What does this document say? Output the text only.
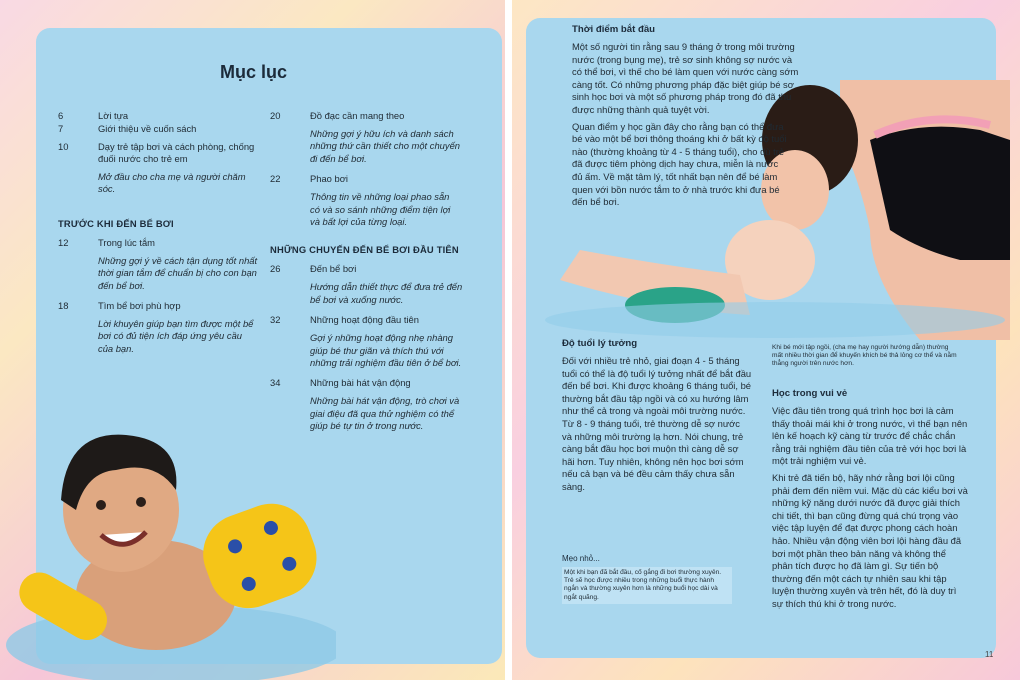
Mục lục
6	Lời tựa
7	Giới thiệu về cuốn sách
10	Dạy trẻ tập bơi và cách phòng, chống đuối nước cho trẻ em
Mở đầu cho cha mẹ và người chăm sóc.
TRƯỚC KHI ĐẾN BỂ BƠI
12	Trong lúc tắm
Những gợi ý về cách tận dụng tốt nhất thời gian tắm để chuẩn bị cho con bạn đến bể bơi.
18	Tìm bể bơi phù hợp
Lời khuyên giúp bạn tìm được một bể bơi có đủ tiện ích đáp ứng yêu cầu của bạn.
20	Đồ đạc cần mang theo
Những gợi ý hữu ích và danh sách những thứ cần thiết cho một chuyến đi đến bể bơi.
22	Phao bơi
Thông tin về những loại phao sẵn có và so sánh những điểm tiện lợi và bất lợi của từng loại.
NHỮNG CHUYẾN ĐẾN BỂ BƠI ĐẦU TIÊN
26	Đến bể bơi
Hướng dẫn thiết thực để đưa trẻ đến bể bơi và xuống nước.
32	Những hoạt động đầu tiên
Gợi ý những hoạt động nhẹ nhàng giúp bé thư giãn và thích thú với những trải nghiệm đầu tiên ở bể bơi.
34	Những bài hát vận động
Những bài hát vận động, trò chơi và giai điệu đã qua thử nghiệm có thể giúp bé tự tin ở trong nước.
Thời điểm bắt đầu
Một số người tin rằng sau 9 tháng ở trong môi trường nước (trong bụng mẹ), trẻ sơ sinh không sợ nước và có thể bơi, vì thế cho bé làm quen với nước càng sớm càng tốt. Có những phương pháp đặc biệt giúp bé sơ sinh học bơi và một số phương pháp trong đó đã thu được những thành quả tuyệt vời.
Quan điểm y học gần đây cho rằng bạn có thể đưa bé vào một bể bơi thông thoáng khi ở bất kỳ độ tuổi nào (thường khoảng từ 4 - 5 tháng tuổi), cho dù trẻ đã được tiêm phòng dịch hay chưa, miễn là nước đủ ấm. Về mặt tâm lý, tốt nhất bạn nên để bé làm quen với bồn nước tắm to ở nhà trước khi đưa bé đến bể bơi.
Độ tuổi lý tưởng
Đối với nhiều trẻ nhỏ, giai đoạn 4 - 5 tháng tuổi có thể là độ tuổi lý tưởng nhất để bắt đầu đến bể bơi. Khi được khoảng 6 tháng tuổi, bé thường bắt đầu tập ngồi và có xu hướng lâm như thể cả trong và ngoài môi trường nước. Từ 8 - 9 tháng tuổi, trẻ thường dễ sợ nước và những môi trường lạ hơn. Nói chung, trẻ càng bắt đầu học bơi muộn thì càng dễ sợ hãi hơn. Tuy nhiên, không nên học bơi sớm nếu cả bạn và bé đều cảm thấy chưa sẵn sàng.
Mẹo nhỏ...
Một khi bạn đã bắt đầu, cố gắng đi bơi thường xuyên. Trẻ sẽ học được nhiều trong những buổi thực hành ngắn và thường xuyên hơn là những buổi học dài và ngắt quãng.
Khi bé mới tập ngồi, (cha mẹ hay người hướng dẫn) thường mất nhiều thời gian để khuyến khích bé thả lỏng cơ thể và nằm thẳng người trên nước hơn.
Học trong vui vẻ
Việc đầu tiên trong quá trình học bơi là cảm thấy thoải mái khi ở trong nước, vì thế bạn nên lên kế hoạch kỹ càng từ trước để chắc chắn rằng trải nghiệm đầu tiên của trẻ với học bơi là một trải nghiệm vui vẻ.
Khi trẻ đã tiến bộ, hãy nhớ rằng bơi lội cũng phải đem đến niềm vui. Mặc dù các kiểu bơi và những kỹ năng dưới nước đã được giải thích chi tiết, thì bạn cũng đừng quá chú trọng vào việc tập luyện để đạt được phong cách hoàn hảo. Nhiều vận động viên bơi lội hàng đầu đã bơi một phần theo bản năng và không thể phân tích được họ đã làm gì. Sự tiến bộ thường đến một cách tự nhiên sau khi tập luyện thường xuyên và trên hết, đó là duy trì sự thích thú khi ở trong nước.
11
